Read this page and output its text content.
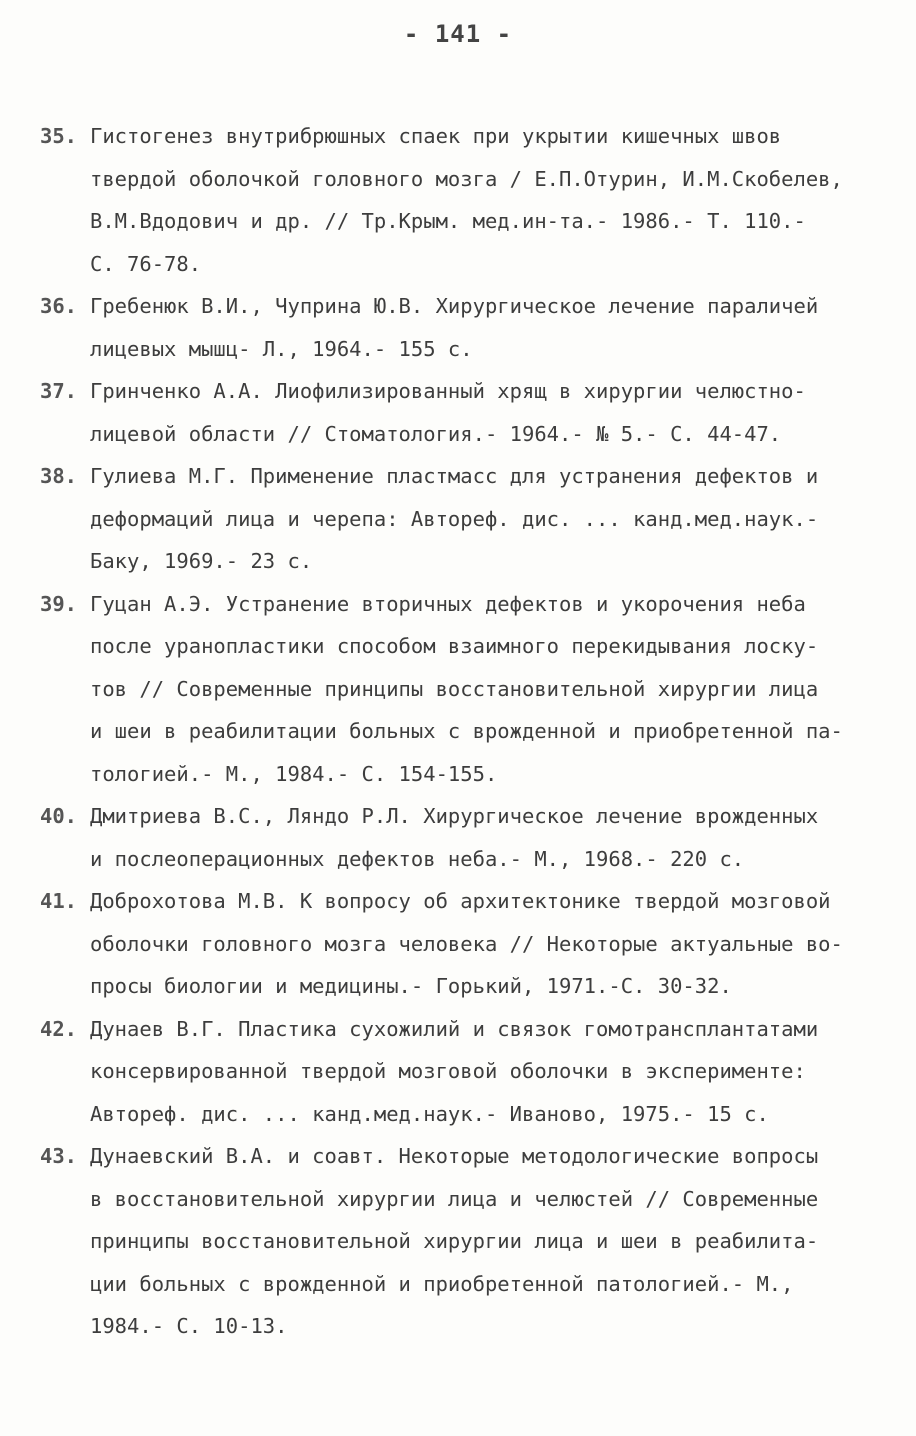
- 141 -
35. Гистогенез внутрибрюшных спаек при укрытии кишечных швов
твердой оболочкой головного мозга / Е.П.Отурин, И.М.Скобелев,
В.М.Вдодович и др. // Тр.Крым. мед.ин-та.- 1986.- Т. 110.-
С. 76-78.
36. Гребенюк В.И., Чуприна Ю.В. Хирургическое лечение параличей
лицевых мышц- Л., 1964.- 155 с.
37. Гринченко А.А. Лиофилизированный хрящ в хирургии челюстно-
лицевой области // Стоматология.- 1964.- № 5.- С. 44-47.
38. Гулиева М.Г. Применение пластмасс для устранения дефектов и
деформаций лица и черепа: Автореф. дис. ... канд.мед.наук.-
Баку, 1969.- 23 с.
39. Гуцан А.Э. Устранение вторичных дефектов и укорочения неба
после уранопластики способом взаимного перекидывания лоску-
тов // Современные принципы восстановительной хирургии лица
и шеи в реабилитации больных с врожденной и приобретенной па-
тологией.- М., 1984.- С. 154-155.
40. Дмитриева В.С., Ляндо Р.Л. Хирургическое лечение врожденных
и послеоперационных дефектов неба.- М., 1968.- 220 с.
41. Доброхотова М.В. К вопросу об архитектонике твердой мозговой
оболочки головного мозга человека // Некоторые актуальные во-
просы биологии и медицины.- Горький, 1971.-С. 30-32.
42. Дунаев В.Г. Пластика сухожилий и связок гомотрансплантатами
консервированной твердой мозговой оболочки в эксперименте:
Автореф. дис. ... канд.мед.наук.- Иваново, 1975.- 15 с.
43. Дунаевский В.А. и соавт. Некоторые методологические вопросы
в восстановительной хирургии лица и челюстей // Современные
принципы восстановительной хирургии лица и шеи в реабилита-
ции больных с врожденной и приобретенной патологией.- М.,
1984.- С. 10-13.
